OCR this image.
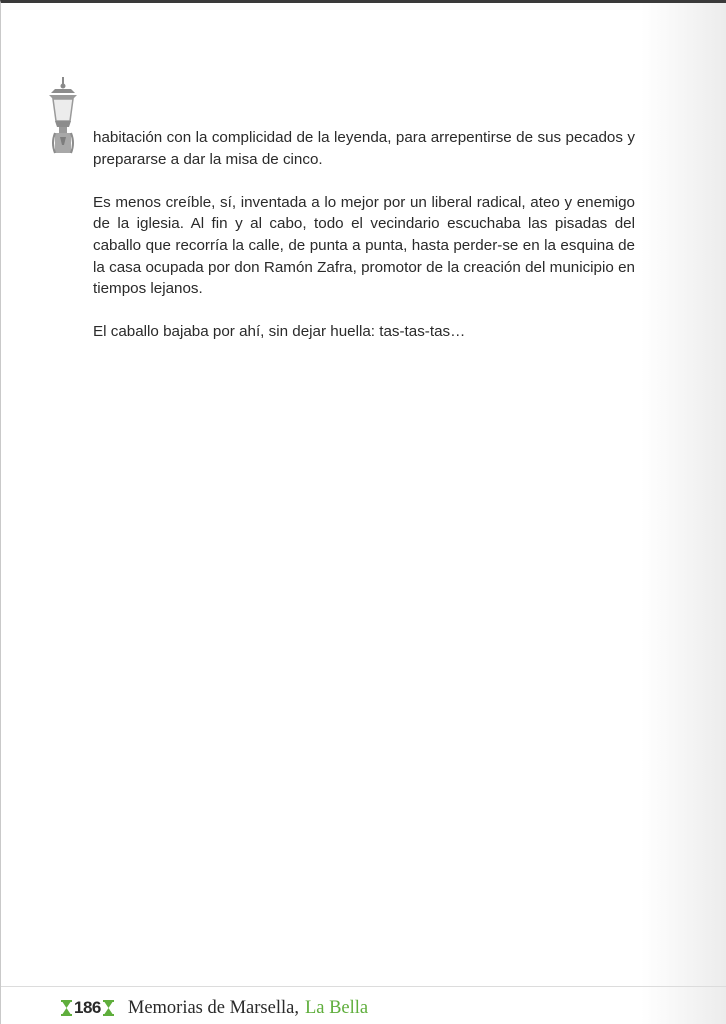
habitación con la complicidad de la leyenda, para arrepentirse de sus pecados y prepararse a dar la misa de cinco.

Es menos creíble, sí, inventada a lo mejor por un liberal radical, ateo y enemigo de la iglesia. Al fin y al cabo, todo el vecindario escuchaba las pisadas del caballo que recorría la calle, de punta a punta, hasta perder-se en la esquina de la casa ocupada por don Ramón Zafra, promotor de la creación del municipio en tiempos lejanos.

El caballo bajaba por ahí, sin dejar huella: tas-tas-tas…

186 Memorias de Marsella, La Bella
